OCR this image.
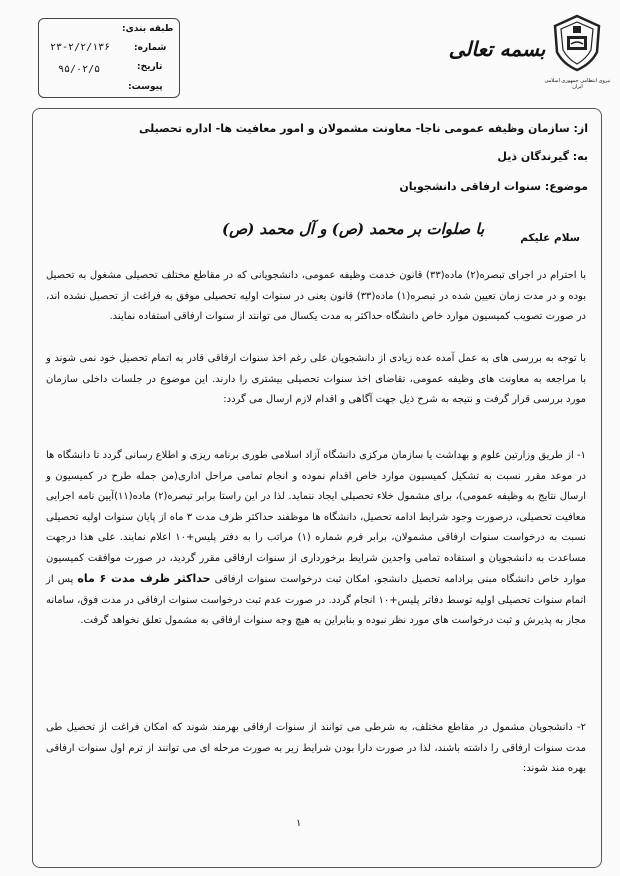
طبقه بندی:
شماره:
۲۳-۲/۲/۱۳۶
تاریخ:
۹۵/۰۲/۵
پیوست:
بسمه تعالی
نیروی انتظامی جمهوری اسلامی ایران
از: سازمان وظیفه عمومی ناجا- معاونت مشمولان و امور معافیت ها- اداره تحصیلی
به: گیرندگان ذیل
موضوع: سنوات ارفاقی دانشجویان
سلام علیکم
با صلوات بر محمد (ص) و آل محمد (ص)
با احترام در اجرای تبصره(۲) ماده(۳۳) قانون خدمت وظیفه عمومی، دانشجویانی که در مقاطع مختلف تحصیلی مشغول به تحصیل بوده و در مدت زمان تعیین شده در تبصره(۱) ماده(۳۳) قانون یعنی در سنوات اولیه تحصیلی موفق به فراغت از تحصیل نشده اند، در صورت تصویب کمیسیون موارد خاص دانشگاه حداکثر به مدت یکسال می توانند از سنوات ارفاقی استفاده نمایند.
با توجه به بررسی های به عمل آمده عده زیادی از دانشجویان علی رغم اخذ سنوات ارفاقی قادر به اتمام تحصیل خود نمی شوند و با مراجعه به معاونت های وظیفه عمومی، تقاضای اخذ سنوات تحصیلی بیشتری را دارند. این موضوع در جلسات داخلی سازمان مورد بررسی قرار گرفت و نتیجه به شرح ذیل جهت آگاهی و اقدام لازم ارسال می گردد:
۱- از طریق وزارتین علوم و بهداشت یا سازمان مرکزی دانشگاه آزاد اسلامی طوری برنامه ریزی و اطلاع رسانی گردد تا دانشگاه ها در موعد مقرر نسبت به تشکیل کمیسیون موارد خاص اقدام نموده و انجام تمامی مراحل اداری(من جمله طرح در کمیسیون و ارسال نتایج به وظیفه عمومی)، برای مشمول خلاء تحصیلی ایجاد ننماید. لذا در این راستا برابر تبصره(۲) ماده(۱۱)آیین نامه اجرایی معافیت تحصیلی، درصورت وجود شرایط ادامه تحصیل، دانشگاه ها موظفند حداکثر ظرف مدت ۳ ماه از پایان سنوات اولیه تحصیلی نسبت به درخواست سنوات ارفاقی مشمولان، برابر فرم شماره (۱) مراتب را به دفتر پلیس+۱۰ اعلام نمایند. علی هذا درجهت مساعدت به دانشجویان و استفاده تمامی واجدین شرایط برخورداری از سنوات ارفاقی مقرر گردید، در صورت موافقت کمیسیون موارد خاص دانشگاه مبنی برادامه تحصیل دانشجو، امکان ثبت درخواست سنوات ارفاقی حداکثر ظرف مدت ۶ ماه پس از اتمام سنوات تحصیلی اولیه توسط دفاتر پلیس+۱۰ انجام گردد. در صورت عدم ثبت درخواست سنوات ارفاقی در مدت فوق، سامانه مجاز به پذیرش و ثبت درخواست های مورد نظر نبوده و بنابراین به هیچ وجه سنوات ارفاقی به مشمول تعلق نخواهد گرفت.
۲- دانشجویان مشمول در مقاطع مختلف، به شرطی می توانند از سنوات ارفاقی بهرمند شوند که امکان فراغت از تحصیل طی مدت سنوات ارفاقی را داشته باشند، لذا در صورت دارا بودن شرایط زیر به صورت مرحله ای می توانند از ترم اول سنوات ارفاقی بهره مند شوند:
۱
